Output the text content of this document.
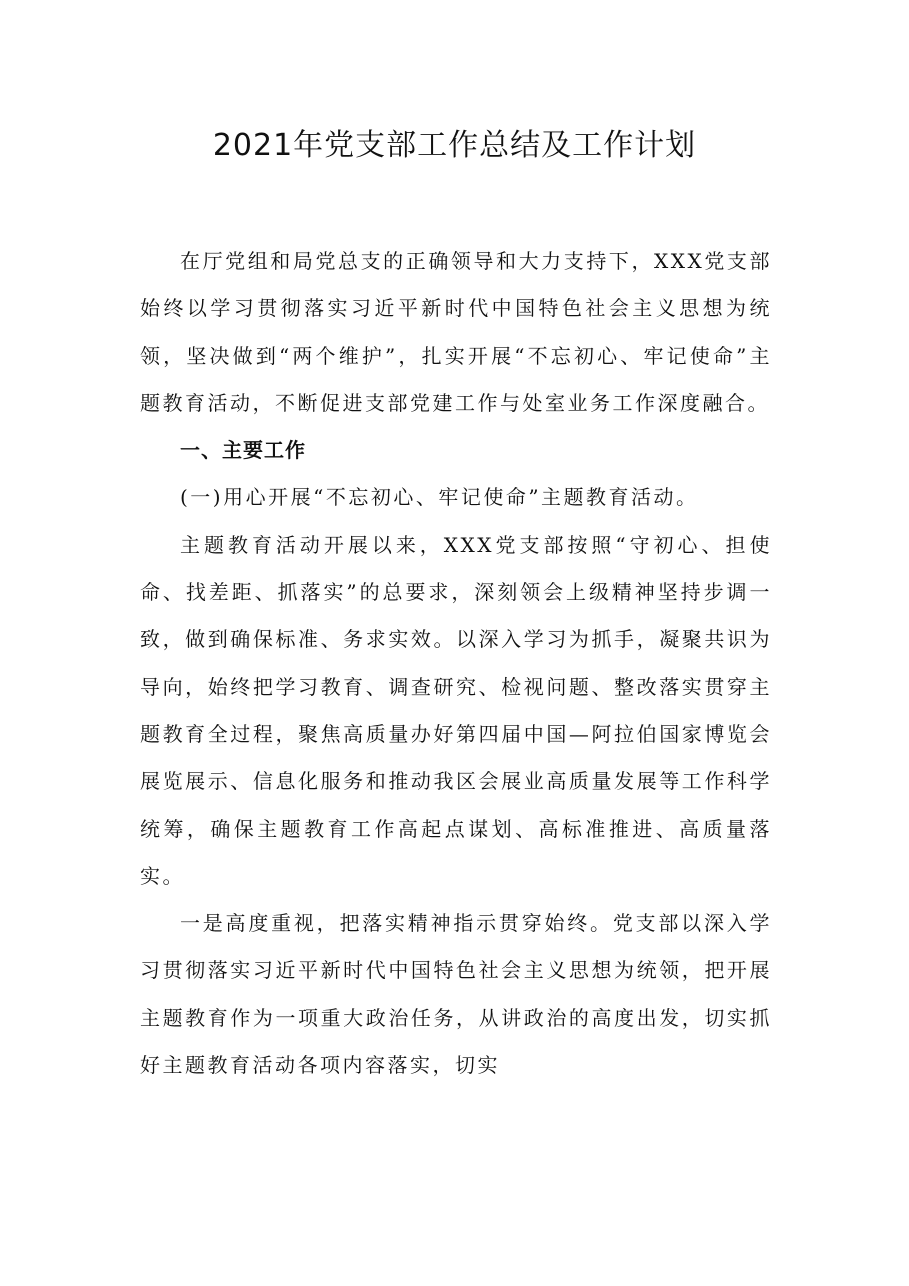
2021年党支部工作总结及工作计划

在厅党组和局党总支的正确领导和大力支持下，XXX党支部始终以学习贯彻落实习近平新时代中国特色社会主义思想为统领，坚决做到“两个维护”，扎实开展“不忘初心、牢记使命”主题教育活动，不断促进支部党建工作与处室业务工作深度融合。

一、主要工作

(一)用心开展“不忘初心、牢记使命”主题教育活动。

主题教育活动开展以来，XXX党支部按照“守初心、担使命、找差距、抓落实”的总要求，深刻领会上级精神坚持步调一致，做到确保标准、务求实效。以深入学习为抓手，凝聚共识为导向，始终把学习教育、调查研究、检视问题、整改落实贯穿主题教育全过程，聚焦高质量办好第四届中国—阿拉伯国家博览会展览展示、信息化服务和推动我区会展业高质量发展等工作科学统筹，确保主题教育工作高起点谋划、高标准推进、高质量落实。

一是高度重视，把落实精神指示贯穿始终。党支部以深入学习贯彻落实习近平新时代中国特色社会主义思想为统领，把开展主题教育作为一项重大政治任务，从讲政治的高度出发，切实抓好主题教育活动各项内容落实，切实
